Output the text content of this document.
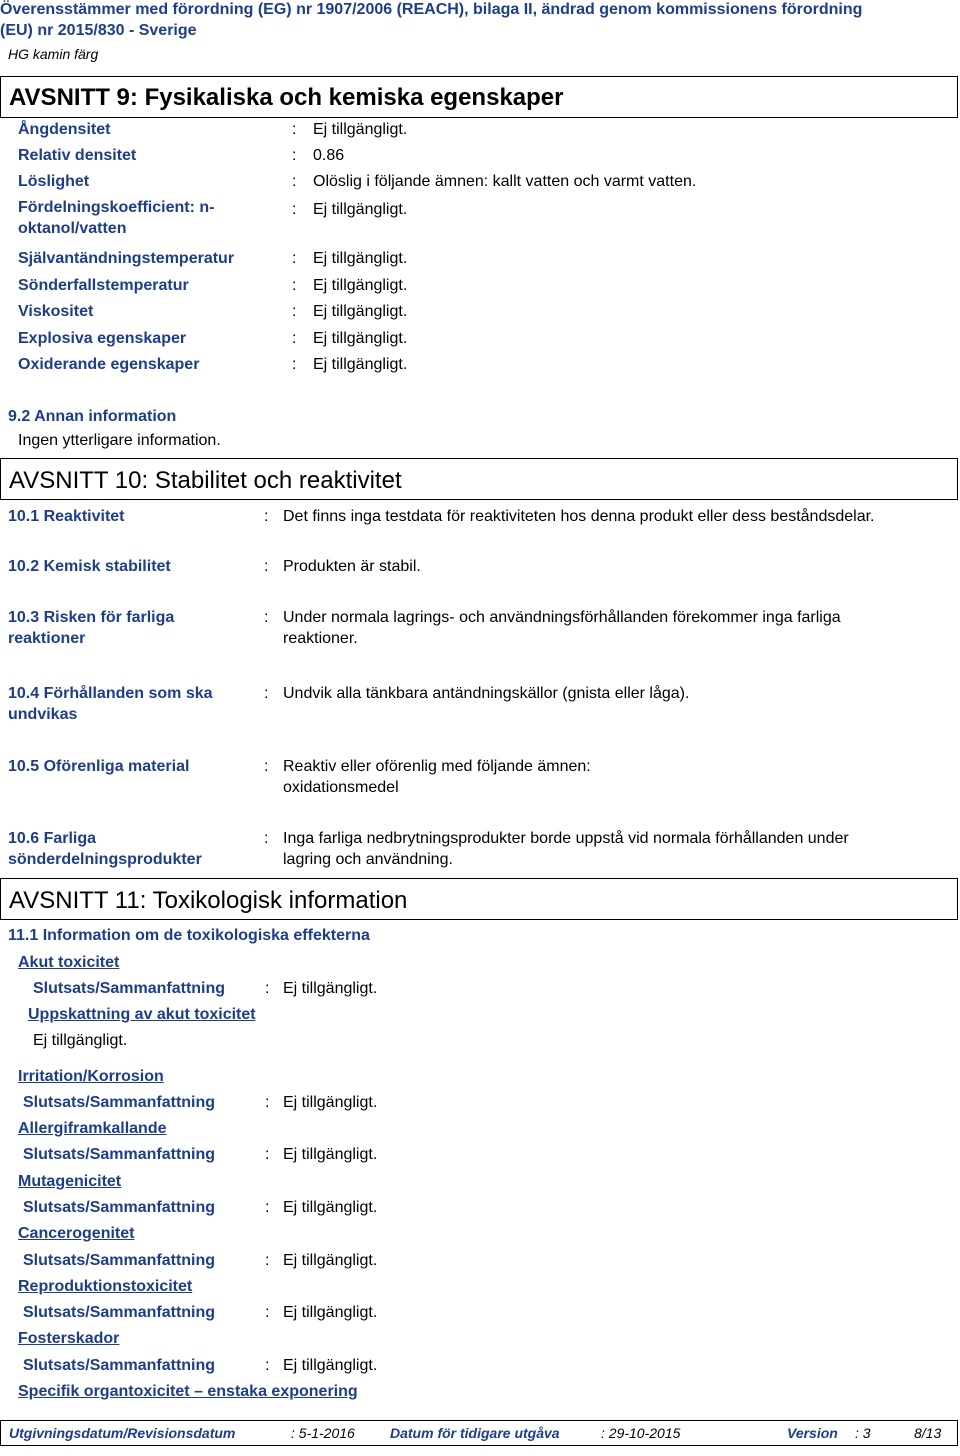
Överensstämmer med förordning (EG) nr 1907/2006 (REACH), bilaga II, ändrad genom kommissionens förordning
(EU) nr 2015/830 - Sverige
HG kamin färg
AVSNITT 9: Fysikaliska och kemiska egenskaper
Ångdensitet	: Ej tillgängligt.
Relativ densitet	: 0.86
Löslighet	: Olöslig i följande ämnen: kallt vatten och varmt vatten.
Fördelningskoefficient: n-
oktanol/vatten
: Ej tillgängligt.
Självantändningstemperatur	: Ej tillgängligt.
Sönderfallstemperatur	: Ej tillgängligt.
Viskositet	: Ej tillgängligt.
Explosiva egenskaper	: Ej tillgängligt.
Oxiderande egenskaper	: Ej tillgängligt.
9.2 Annan information
Ingen ytterligare information.
AVSNITT 10: Stabilitet och reaktivitet
10.1 Reaktivitet	: Det finns inga testdata för reaktiviteten hos denna produkt eller dess beståndsdelar.
10.2 Kemisk stabilitet	: Produkten är stabil.
10.3 Risken för farliga
reaktioner
: Under normala lagrings- och användningsförhållanden förekommer inga farliga
reaktioner.
10.4 Förhållanden som ska
undvikas
: Undvik alla tänkbara antändningskällor (gnista eller låga).
10.5 Oförenliga material	: Reaktiv eller oförenlig med följande ämnen:
oxidationsmedel
10.6 Farliga
sönderdelningsprodukter
: Inga farliga nedbrytningsprodukter borde uppstå vid normala förhållanden under
lagring och användning.
AVSNITT 11: Toxikologisk information
11.1 Information om de toxikologiska effekterna
Akut toxicitet
Slutsats/Sammanfattning : Ej tillgängligt.
Uppskattning av akut toxicitet
Ej tillgängligt.
Irritation/Korrosion
Slutsats/Sammanfattning	: Ej tillgängligt.
Allergiframkallande
Slutsats/Sammanfattning	: Ej tillgängligt.
Mutagenicitet
Slutsats/Sammanfattning	: Ej tillgängligt.
Cancerogenitet
Slutsats/Sammanfattning	: Ej tillgängligt.
Reproduktionstoxicitet
Slutsats/Sammanfattning	: Ej tillgängligt.
Fosterskador
Slutsats/Sammanfattning	: Ej tillgängligt.
Specifik organtoxicitet – enstaka exponering
Utgivningsdatum/Revisionsdatum	: 5-1-2016	Datum för tidigare utgåva	: 29-10-2015	Version : 3	8/13
